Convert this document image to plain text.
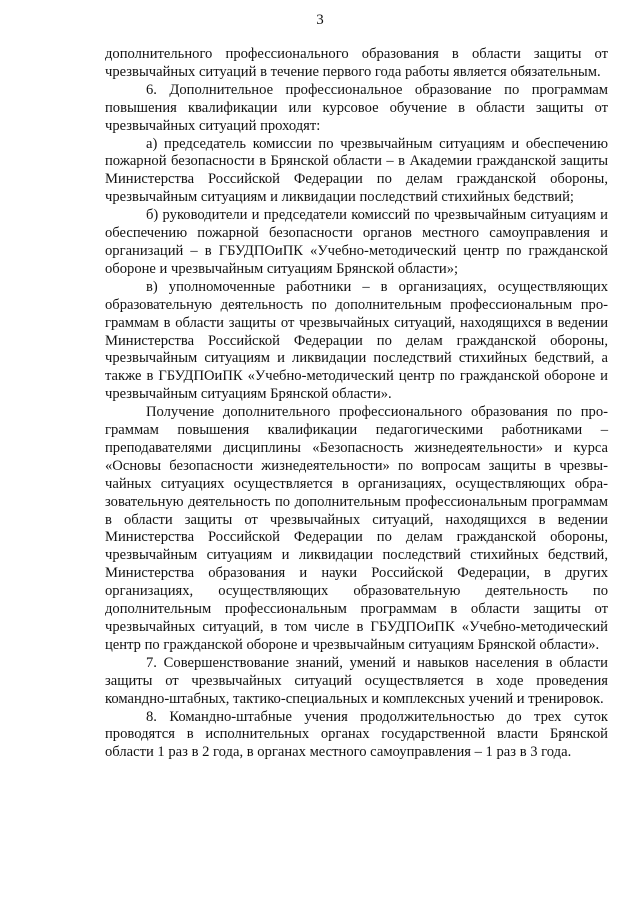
3

дополнительного профессионального образования в области защиты от чрезвычайных ситуаций в течение первого года работы является обязательным.

6. Дополнительное профессиональное образование по программам повышения квалификации или курсовое обучение в области защиты от чрезвычайных ситуаций проходят:

а) председатель комиссии по чрезвычайным ситуациям и обеспечению пожарной безопасности в Брянской области – в Академии гражданской защиты Министерства Российской Федерации по делам гражданской обороны, чрезвычайным ситуациям и ликвидации последствий стихийных бедствий;

б) руководители и председатели комиссий по чрезвычайным ситуациям и обеспечению пожарной безопасности органов местного самоуправления и организаций – в ГБУДПОиПК «Учебно-методический центр по гражданской обороне и чрезвычайным ситуациям Брянской области»;

в) уполномоченные работники – в организациях, осуществляющих образовательную деятельность по дополнительным профессиональным программам в области защиты от чрезвычайных ситуаций, находящихся в ведении Министерства Российской Федерации по делам гражданской обороны, чрезвычайным ситуациям и ликвидации последствий стихийных бедствий, а также в ГБУДПОиПК «Учебно-методический центр по гражданской обороне и чрезвычайным ситуациям Брянской области».

Получение дополнительного профессионального образования по программам повышения квалификации педагогическими работниками – преподавателями дисциплины «Безопасность жизнедеятельности» и курса «Основы безопасности жизнедеятельности» по вопросам защиты в чрезвычайных ситуациях осуществляется в организациях, осуществляющих образовательную деятельность по дополнительным профессиональным программам в области защиты от чрезвычайных ситуаций, находящихся в ведении Министерства Российской Федерации по делам гражданской обороны, чрезвычайным ситуациям и ликвидации последствий стихийных бедствий, Министерства образования и науки Российской Федерации, в других организациях, осуществляющих образовательную деятельность по дополнительным профессиональным программам в области защиты от чрезвычайных ситуаций, в том числе в ГБУДПОиПК «Учебно-методический центр по гражданской обороне и чрезвычайным ситуациям Брянской области».

7. Совершенствование знаний, умений и навыков населения в области защиты от чрезвычайных ситуаций осуществляется в ходе проведения командно-штабных, тактико-специальных и комплексных учений и тренировок.

8. Командно-штабные учения продолжительностью до трех суток проводятся в исполнительных органах государственной власти Брянской области 1 раз в 2 года, в органах местного самоуправления – 1 раз в 3 года.
